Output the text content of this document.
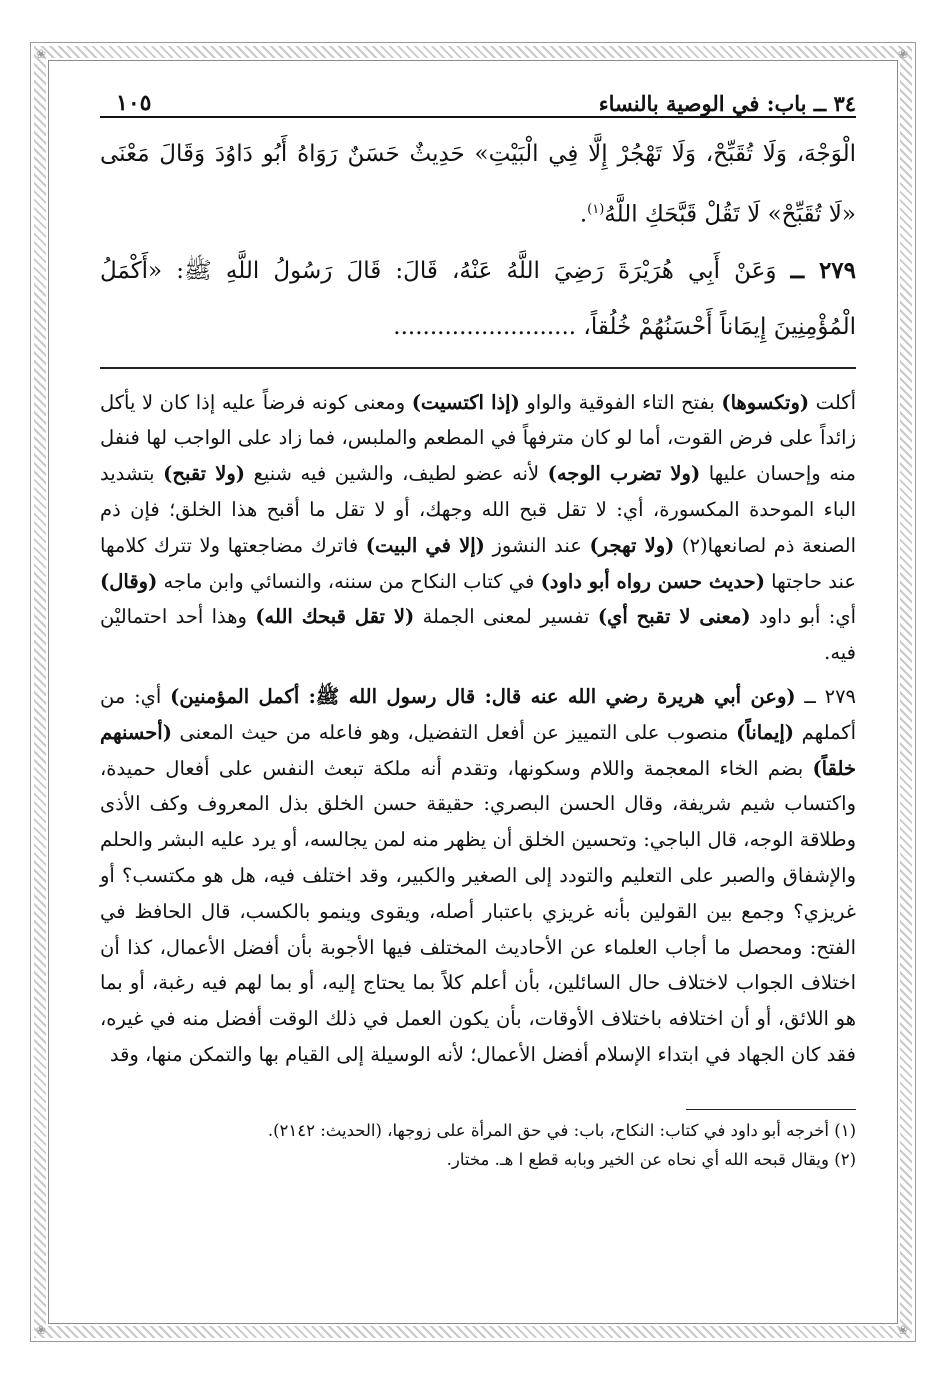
❀	❀
❀	❀
٣٤ ــ باب: في الوصية بالنساء
١٠٥

الْوَجْهَ، وَلَا تُقَبِّحْ، وَلَا تَهْجُرْ إِلَّا فِي الْبَيْتِ» حَدِيثٌ حَسَنٌ رَوَاهُ أَبُو دَاوُدَ وَقَالَ مَعْنَى «لَا تُقَبِّحْ» لَا تَقُلْ قَبَّحَكِ اللَّهُ$^{(١)}$.

٢٧٩ ــ وَعَنْ أَبِي هُرَيْرَةَ رَضِيَ اللَّهُ عَنْهُ، قَالَ: قَالَ رَسُولُ اللَّهِ ﷺ: «أَكْمَلُ الْمُؤْمِنِينَ إِيمَاناً أَحْسَنُهُمْ خُلُقاً، .........................

أكلت (وتكسوها) بفتح التاء الفوقية والواو (إذا اكتسيت) ومعنى كونه فرضاً عليه إذا كان لا يأكل زائداً على فرض القوت، أما لو كان مترفهاً في المطعم والملبس، فما زاد على الواجب لها فنفل منه وإحسان عليها (ولا تضرب الوجه) لأنه عضو لطيف، والشين فيه شنيع (ولا تقبح) بتشديد الباء الموحدة المكسورة، أي: لا تقل قبح الله وجهك، أو لا تقل ما أقبح هذا الخلق؛ فإن ذم الصنعة ذم لصانعها(٢) (ولا تهجر) عند النشوز (إلا في البيت) فاترك مضاجعتها ولا تترك كلامها عند حاجتها (حديث حسن رواه أبو داود) في كتاب النكاح من سننه، والنسائي وابن ماجه (وقال) أي: أبو داود (معنى لا تقبح أي) تفسير لمعنى الجملة (لا تقل قبحك الله) وهذا أحد احتماليْن فيه.

٢٧٩ ــ (وعن أبي هريرة رضي الله عنه قال: قال رسول الله ﷺ: أكمل المؤمنين) أي: من أكملهم (إيماناً) منصوب على التمييز عن أفعل التفضيل، وهو فاعله من حيث المعنى (أحسنهم خلقاً) بضم الخاء المعجمة واللام وسكونها، وتقدم أنه ملكة تبعث النفس على أفعال حميدة، واكتساب شيم شريفة، وقال الحسن البصري: حقيقة حسن الخلق بذل المعروف وكف الأذى وطلاقة الوجه، قال الباجي: وتحسين الخلق أن يظهر منه لمن يجالسه، أو يرد عليه البشر والحلم والإشفاق والصبر على التعليم والتودد إلى الصغير والكبير، وقد اختلف فيه، هل هو مكتسب؟ أو غريزي؟ وجمع بين القولين بأنه غريزي باعتبار أصله، ويقوى وينمو بالكسب، قال الحافظ في الفتح: ومحصل ما أجاب العلماء عن الأحاديث المختلف فيها الأجوبة بأن أفضل الأعمال، كذا أن اختلاف الجواب لاختلاف حال السائلين، بأن أعلم كلاً بما يحتاج إليه، أو بما لهم فيه رغبة، أو بما هو اللائق، أو أن اختلافه باختلاف الأوقات، بأن يكون العمل في ذلك الوقت أفضل منه في غيره، فقد كان الجهاد في ابتداء الإسلام أفضل الأعمال؛ لأنه الوسيلة إلى القيام بها والتمكن منها، وقد

(١) أخرجه أبو داود في كتاب: النكاح، باب: في حق المرأة على زوجها، (الحديث: ٢١٤٢).

(٢) ويقال قبحه الله أي نحاه عن الخير وبابه قطع ا هـ. مختار.
